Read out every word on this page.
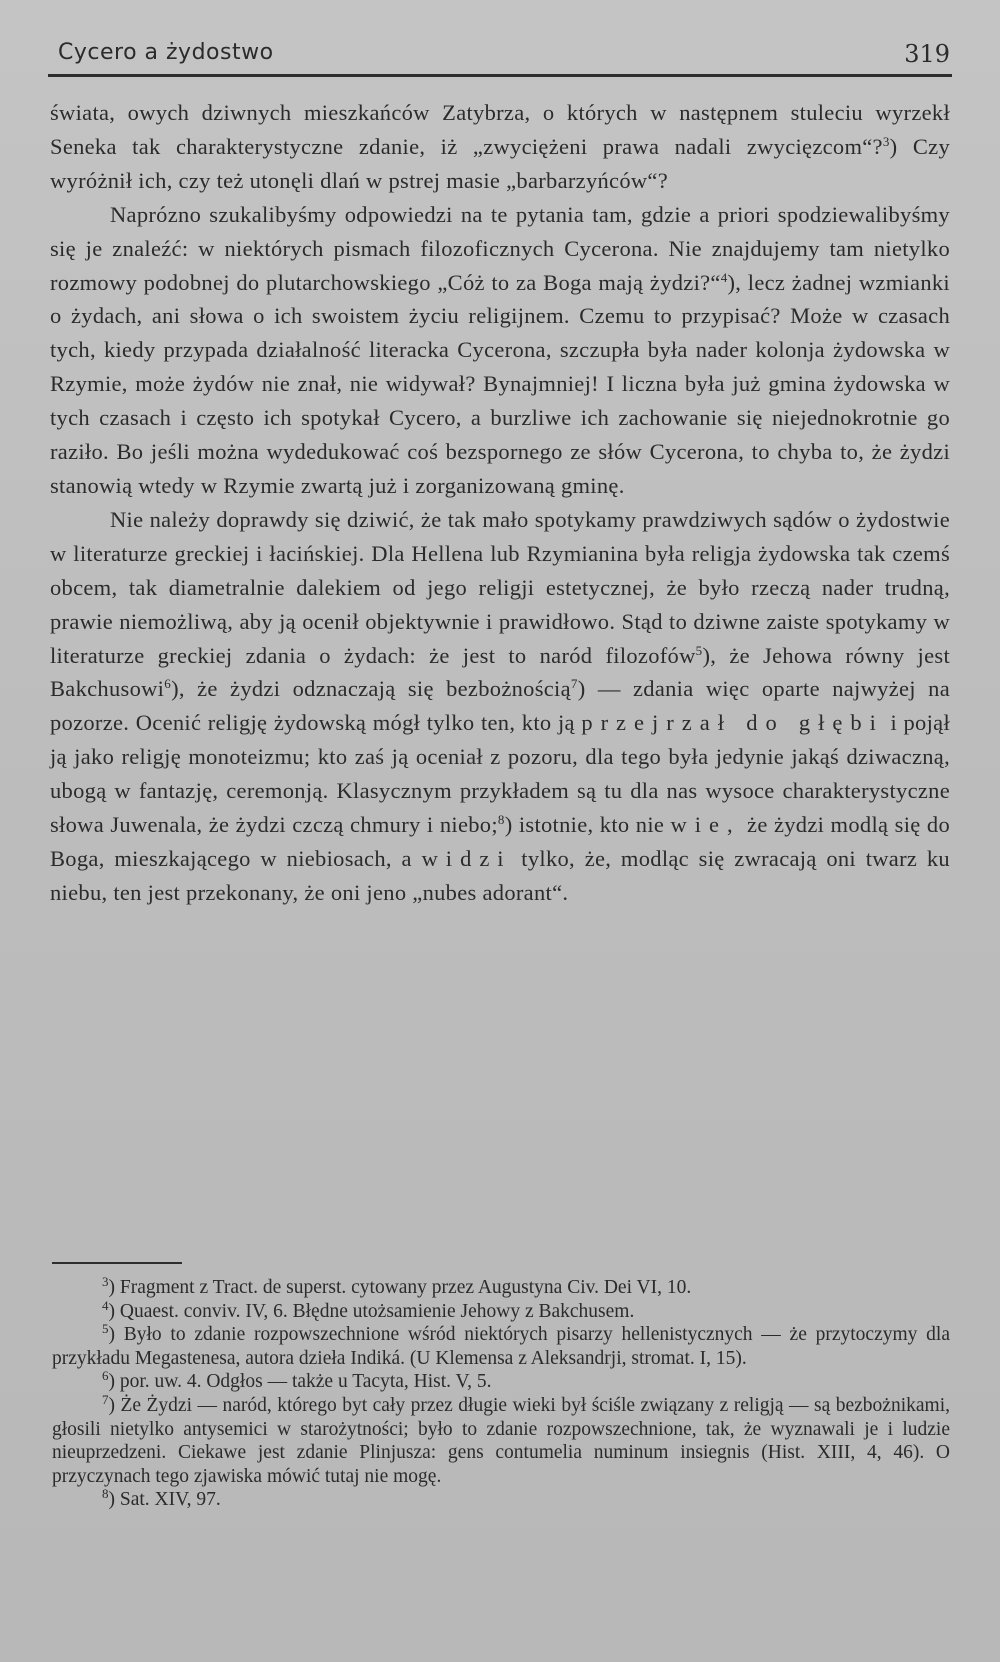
Cycero a żydostwo	319

świata, owych dziwnych mieszkańców Zatybrza, o których w następnem stuleciu wyrzekł Seneka tak charakterystyczne zdanie, iż „zwyciężeni prawa nadali zwycięzcom“?$^3$) Czy wyróżnił ich, czy też utonęli dlań w pstrej masie „barbarzyńców“?

Naprózno szukalibyśmy odpowiedzi na te pytania tam, gdzie a priori spodziewalibyśmy się je znaleźć: w niektórych pismach filozoficznych Cycerona. Nie znajdujemy tam nietylko rozmowy podobnej do plutarchowskiego „Cóż to za Boga mają żydzi?“$^4$), lecz żadnej wzmianki o żydach, ani słowa o ich swoistem życiu religijnem. Czemu to przypisać? Może w czasach tych, kiedy przypada działalność literacka Cycerona, szczupła była nader kolonja żydowska w Rzymie, może żydów nie znał, nie widywał? Bynajmniej! I liczna była już gmina żydowska w tych czasach i często ich spotykał Cycero, a burzliwe ich zachowanie się niejednokrotnie go raziło. Bo jeśli można wydedukować coś bezspornego ze słów Cycerona, to chyba to, że żydzi stanowią wtedy w Rzymie zwartą już i zorganizowaną gminę.

Nie należy doprawdy się dziwić, że tak mało spotykamy prawdziwych sądów o żydostwie w literaturze greckiej i łacińskiej. Dla Hellena lub Rzymianina była religja żydowska tak czemś obcem, tak diametralnie dalekiem od jego religji estetycznej, że było rzeczą nader trudną, prawie niemożliwą, aby ją ocenił objektywnie i prawidłowo. Stąd to dziwne zaiste spotykamy w literaturze greckiej zdania o żydach: że jest to naród filozofów$^5$), że Jehowa równy jest Bakchusowi$^6$), że żydzi odznaczają się bezbożnością$^7$) — zdania więc oparte najwyżej na pozorze. Ocenić religję żydowską mógł tylko ten, kto ją przejrzał do głębi i pojął ją jako religję monoteizmu; kto zaś ją oceniał z pozoru, dla tego była jedynie jakąś dziwaczną, ubogą w fantazję, ceremonją. Klasycznym przykładem są tu dla nas wysoce charakterystyczne słowa Juwenala, że żydzi czczą chmury i niebo;$^8$) istotnie, kto nie wie, że żydzi modlą się do Boga, mieszkającego w niebiosach, a widzi tylko, że, modląc się zwracają oni twarz ku niebu, ten jest przekonany, że oni jeno „nubes adorant“.

$^3$) Fragment z Tract. de superst. cytowany przez Augustyna Civ. Dei VI, 10.

$^4$) Quaest. conviv. IV, 6. Błędne utożsamienie Jehowy z Bakchusem.

$^5$) Było to zdanie rozpowszechnione wśród niektórych pisarzy hellenistycznych — że przytoczymy dla przykładu Megastenesa, autora dzieła Indiká. (U Klemensa z Aleksandrji, stromat. I, 15).

$^6$) por. uw. 4. Odgłos — także u Tacyta, Hist. V, 5.

$^7$) Że Żydzi — naród, którego byt cały przez długie wieki był ściśle związany z religją — są bezbożnikami, głosili nietylko antysemici w starożytności; było to zdanie rozpowszechnione, tak, że wyznawali je i ludzie nieuprzedzeni. Ciekawe jest zdanie Plinjusza: gens contumelia numinum insiegnis (Hist. XIII, 4, 46). O przyczynach tego zjawiska mówić tutaj nie mogę.

$^8$) Sat. XIV, 97.
